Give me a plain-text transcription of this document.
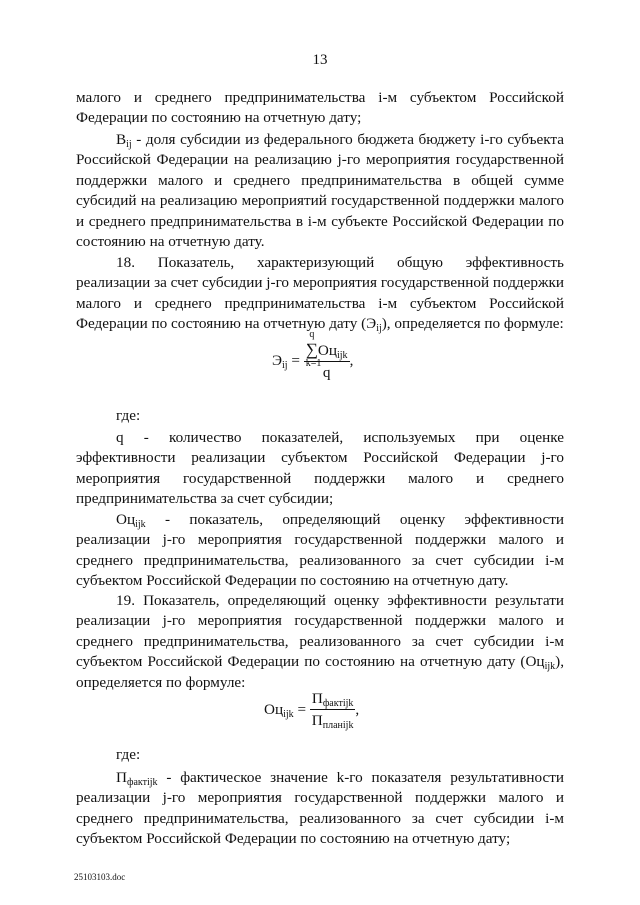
13

малого и среднего предпринимательства i-м субъектом Российской Федерации по состоянию на отчетную дату;

$В_{ij}$ - доля субсидии из федерального бюджета бюджету i-го субъекта Российской Федерации на реализацию j-го мероприятия государственной поддержки малого и среднего предпринимательства в общей сумме субсидий на реализацию мероприятий государственной поддержки малого и среднего предпринимательства в i-м субъекте Российской Федерации по состоянию на отчетную дату.

18. Показатель, характеризующий общую эффективность реализации за счет субсидии j-го мероприятия государственной поддержки малого и среднего предпринимательства i-м субъектом Российской Федерации по состоянию на отчетную дату $(Э_{ij})$, определяется по формуле:

$Э_{ij} = q$
∑
k=1
$Оц_{ijk}$
q ,

где:

q - количество показателей, используемых при оценке эффективности реализации субъектом Российской Федерации j-го мероприятия государственной поддержки малого и среднего предпринимательства за счет субсидии;

$Оц_{ijk}$ - показатель, определяющий оценку эффективности реализации j-го мероприятия государственной поддержки малого и среднего предпринимательства, реализованного за счет субсидии i-м субъектом Российской Федерации по состоянию на отчетную дату.

19. Показатель, определяющий оценку эффективности результати реализации j-го мероприятия государственной поддержки малого и среднего предпринимательства, реализованного за счет субсидии i-м субъектом Российской Федерации по состоянию на отчетную дату $(Оц_{ijk})$, определяется по формуле:

$Оц_{ijk} = \frac{П_{фактijk}}{П_{планijk}}$ ,

где:

$П_{фактijk}$ - фактическое значение k-го показателя результативности реализации j-го мероприятия государственной поддержки малого и среднего предпринимательства, реализованного за счет субсидии i-м субъектом Российской Федерации по состоянию на отчетную дату;

25103103.doc
